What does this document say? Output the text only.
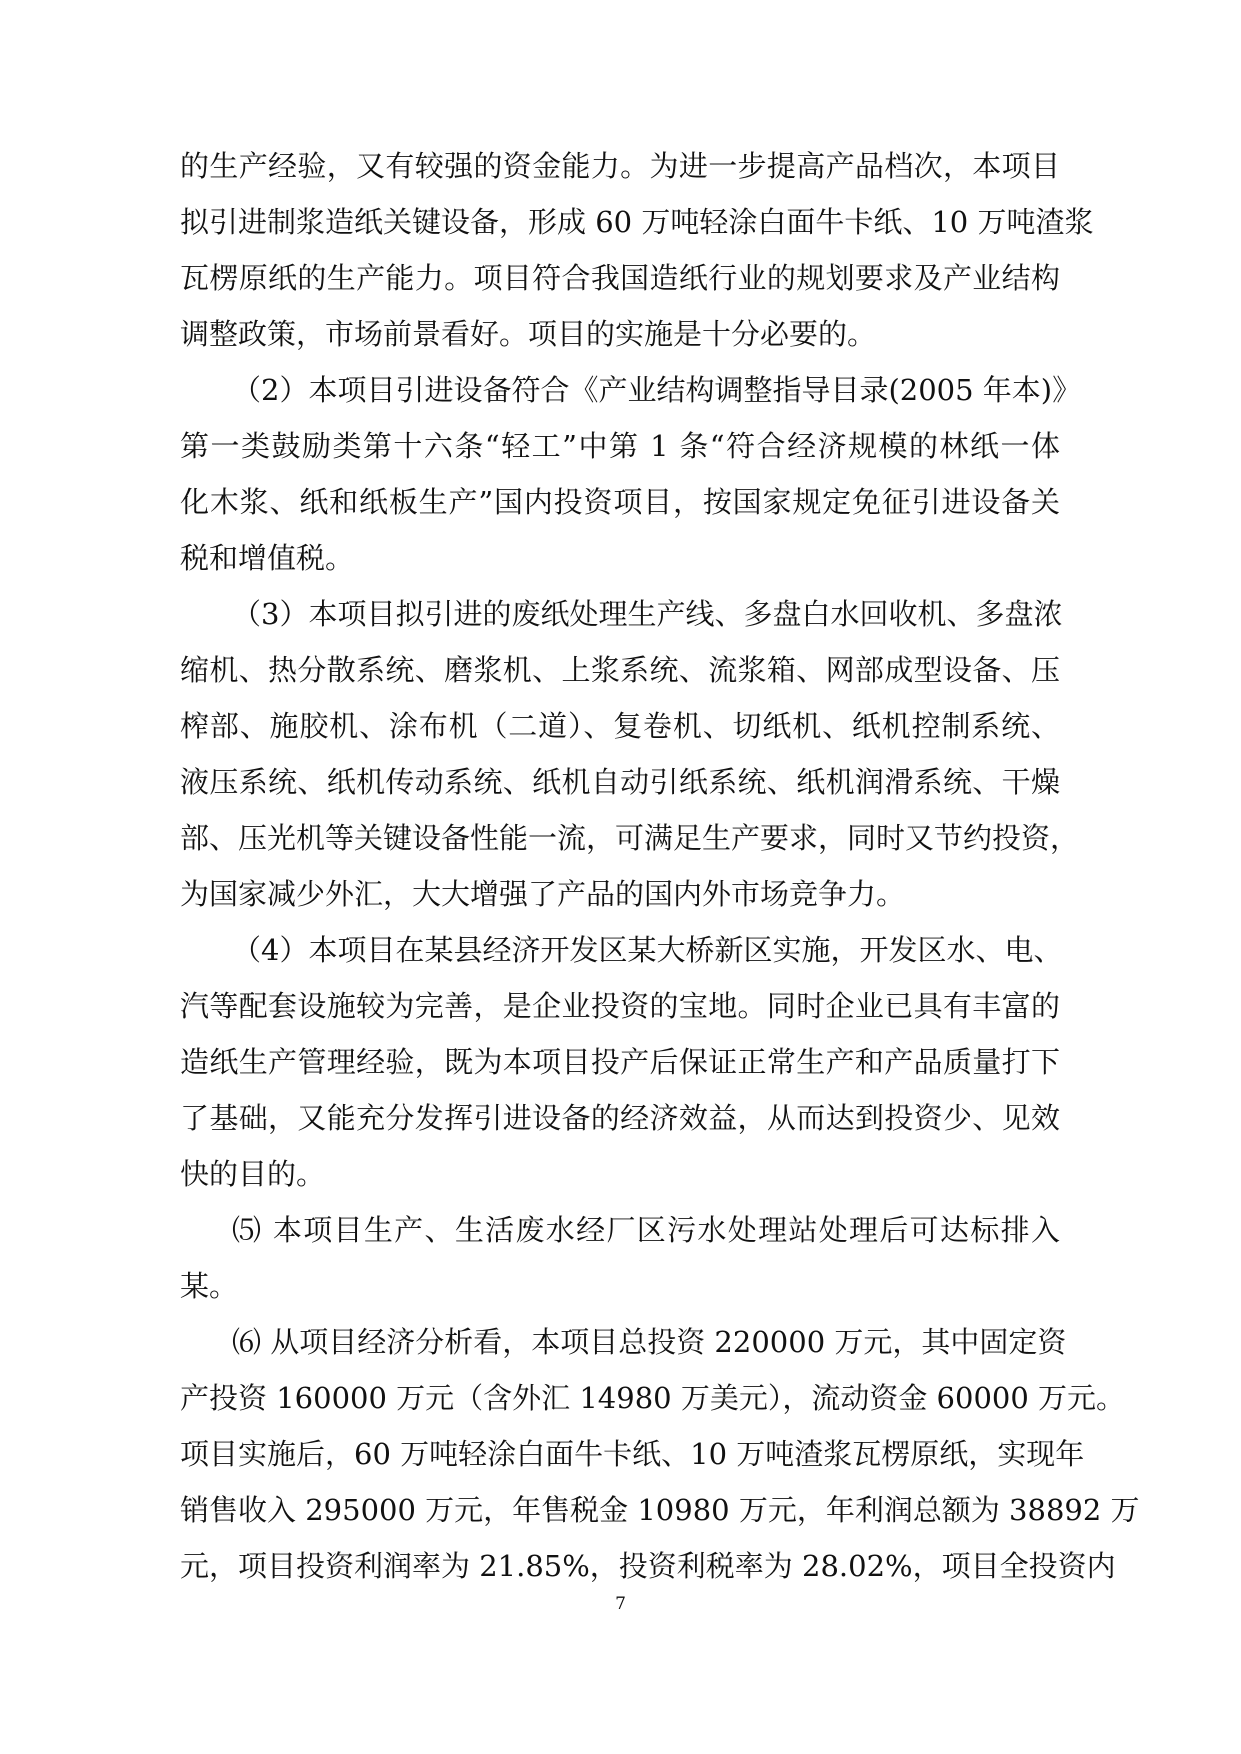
的生产经验，又有较强的资金能力。为进一步提高产品档次，本项目
拟引进制浆造纸关键设备，形成 60 万吨轻涂白面牛卡纸、10 万吨渣浆
瓦楞原纸的生产能力。项目符合我国造纸行业的规划要求及产业结构
调整政策，市场前景看好。项目的实施是十分必要的。
（2）本项目引进设备符合《产业结构调整指导目录(2005 年本)》
第一类鼓励类第十六条“轻工”中第 1 条“符合经济规模的林纸一体
化木浆、纸和纸板生产”国内投资项目，按国家规定免征引进设备关
税和增值税。
（3）本项目拟引进的废纸处理生产线、多盘白水回收机、多盘浓
缩机、热分散系统、磨浆机、上浆系统、流浆箱、网部成型设备、压
榨部、施胶机、涂布机（二道）、复卷机、切纸机、纸机控制系统、
液压系统、纸机传动系统、纸机自动引纸系统、纸机润滑系统、干燥
部、压光机等关键设备性能一流，可满足生产要求，同时又节约投资，
为国家减少外汇，大大增强了产品的国内外市场竞争力。
（4）本项目在某县经济开发区某大桥新区实施，开发区水、电、
汽等配套设施较为完善，是企业投资的宝地。同时企业已具有丰富的
造纸生产管理经验，既为本项目投产后保证正常生产和产品质量打下
了基础，又能充分发挥引进设备的经济效益，从而达到投资少、见效
快的目的。
⑸ 本项目生产、生活废水经厂区污水处理站处理后可达标排入
某。
⑹ 从项目经济分析看，本项目总投资 220000 万元，其中固定资
产投资 160000 万元（含外汇 14980 万美元），流动资金 60000 万元。
项目实施后，60 万吨轻涂白面牛卡纸、10 万吨渣浆瓦楞原纸，实现年
销售收入 295000 万元，年售税金 10980 万元，年利润总额为 38892 万
元，项目投资利润率为 21.85%，投资利税率为 28.02%，项目全投资内
7
